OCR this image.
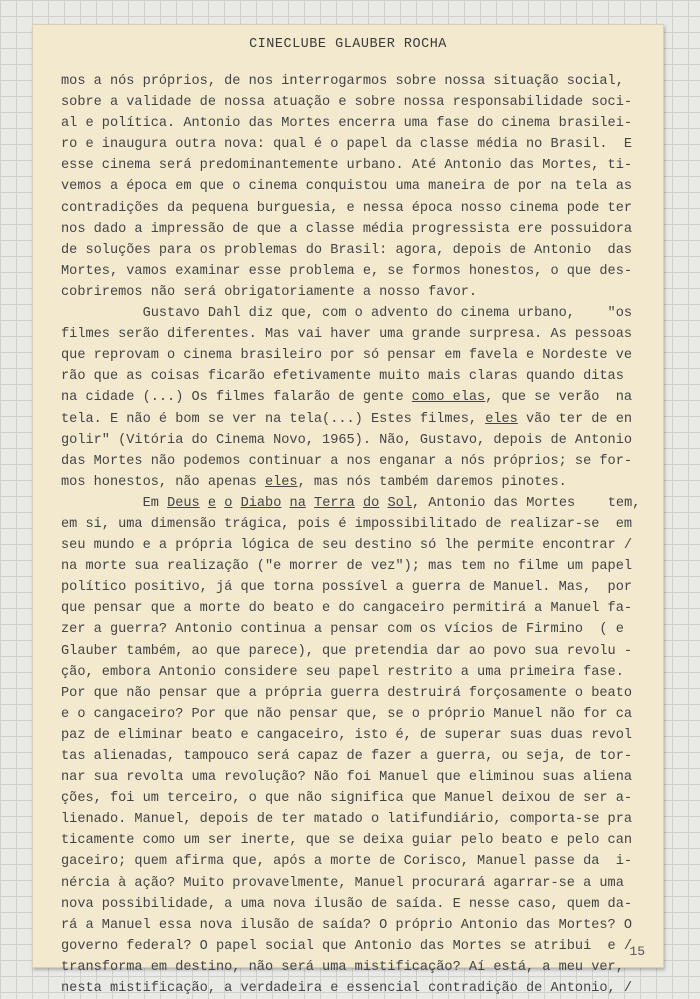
CINECLUBE GLAUBER ROCHA
mos a nós próprios, de nos interrogarmos sobre nossa situação social,
sobre a validade de nossa atuação e sobre nossa responsabilidade soci-
al e política. Antonio das Mortes encerra uma fase do cinema brasilei-
ro e inaugura outra nova: qual é o papel da classe média no Brasil.  E
esse cinema será predominantemente urbano. Até Antonio das Mortes, ti-
vemos a época em que o cinema conquistou uma maneira de por na tela as
contradições da pequena burguesia, e nessa época nosso cinema pode ter
nos dado a impressão de que a classe média progressista ere possuidora
de soluções para os problemas do Brasil: agora, depois de Antonio  das
Mortes, vamos examinar esse problema e, se formos honestos, o que des-
cobriremos não será obrigatoriamente a nosso favor.
Gustavo Dahl diz que, com o advento do cinema urbano,    "os
filmes serão diferentes. Mas vai haver uma grande surpresa. As pessoas
que reprovam o cinema brasileiro por só pensar em favela e Nordeste ve
rão que as coisas ficarão efetivamente muito mais claras quando ditas
na cidade (...) Os filmes falarão de gente como elas, que se verão  na
tela. E não é bom se ver na tela(...) Estes filmes, eles vão ter de en
golir" (Vitória do Cinema Novo, 1965). Não, Gustavo, depois de Antonio
das Mortes não podemos continuar a nos enganar a nós próprios; se for-
mos honestos, não apenas eles, mas nós também daremos pinotes.
Em Deus e o Diabo na Terra do Sol, Antonio das Mortes    tem,
em si, uma dimensão trágica, pois é impossibilitado de realizar-se  em
seu mundo e a própria lógica de seu destino só lhe permite encontrar /
na morte sua realização ("e morrer de vez"); mas tem no filme um papel
político positivo, já que torna possível a guerra de Manuel. Mas,  por
que pensar que a morte do beato e do cangaceiro permitirá a Manuel fa-
zer a guerra? Antonio continua a pensar com os vícios de Firmino  ( e
Glauber também, ao que parece), que pretendia dar ao povo sua revolu -
ção, embora Antonio considere seu papel restrito a uma primeira fase.
Por que não pensar que a própria guerra destruirá forçosamente o beato
e o cangaceiro? Por que não pensar que, se o próprio Manuel não for ca
paz de eliminar beato e cangaceiro, isto é, de superar suas duas revol
tas alienadas, tampouco será capaz de fazer a guerra, ou seja, de tor-
nar sua revolta uma revolução? Não foi Manuel que eliminou suas aliena
ções, foi um terceiro, o que não significa que Manuel deixou de ser a-
lienado. Manuel, depois de ter matado o latifundiário, comporta-se pra
ticamente como um ser inerte, que se deixa guiar pelo beato e pelo can
gaceiro; quem afirma que, após a morte de Corisco, Manuel passe da  i-
nércia à ação? Muito provavelmente, Manuel procurará agarrar-se a uma
nova possibilidade, a uma nova ilusão de saída. E nesse caso, quem da-
rá a Manuel essa nova ilusão de saída? O próprio Antonio das Mortes? O
governo federal? O papel social que Antonio das Mortes se atribui  e /
transforma em destino, não será uma mistificação? Aí está, a meu ver,
nesta mistificação, a verdadeira e essencial contradição de Antonio, /
15
